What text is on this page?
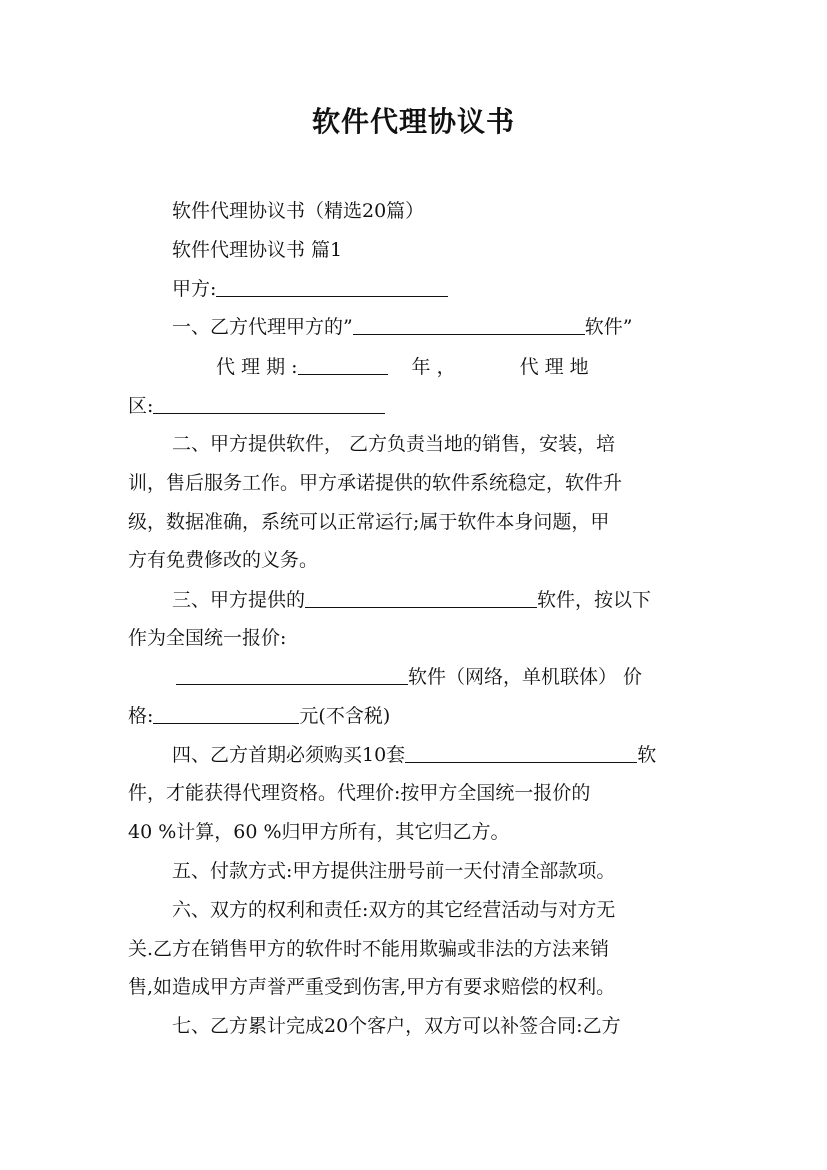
软件代理协议书
软件代理协议书（精选20篇）
软件代理协议书 篇1
甲方:
一、乙方代理甲方的”	软件”
代 理 期 :	年 ，	代 理 地
区:
二、甲方提供软件， 乙方负责当地的销售，安装，培
训，售后服务工作。甲方承诺提供的软件系统稳定，软件升
级，数据准确，系统可以正常运行;属于软件本身问题，甲
方有免费修改的义务。
三、甲方提供的	软件，按以下
作为全国统一报价:
软件（网络，单机联体） 价
格:	元(不含税)
四、乙方首期必须购买10套	软
件，才能获得代理资格。代理价:按甲方全国统一报价的
40 %计算，60 %归甲方所有，其它归乙方。
五、付款方式:甲方提供注册号前一天付清全部款项。
六、双方的权利和责任:双方的其它经营活动与对方无
关.乙方在销售甲方的软件时不能用欺骗或非法的方法来销
售,如造成甲方声誉严重受到伤害,甲方有要求赔偿的权利。
七、乙方累计完成20个客户，双方可以补签合同:乙方
